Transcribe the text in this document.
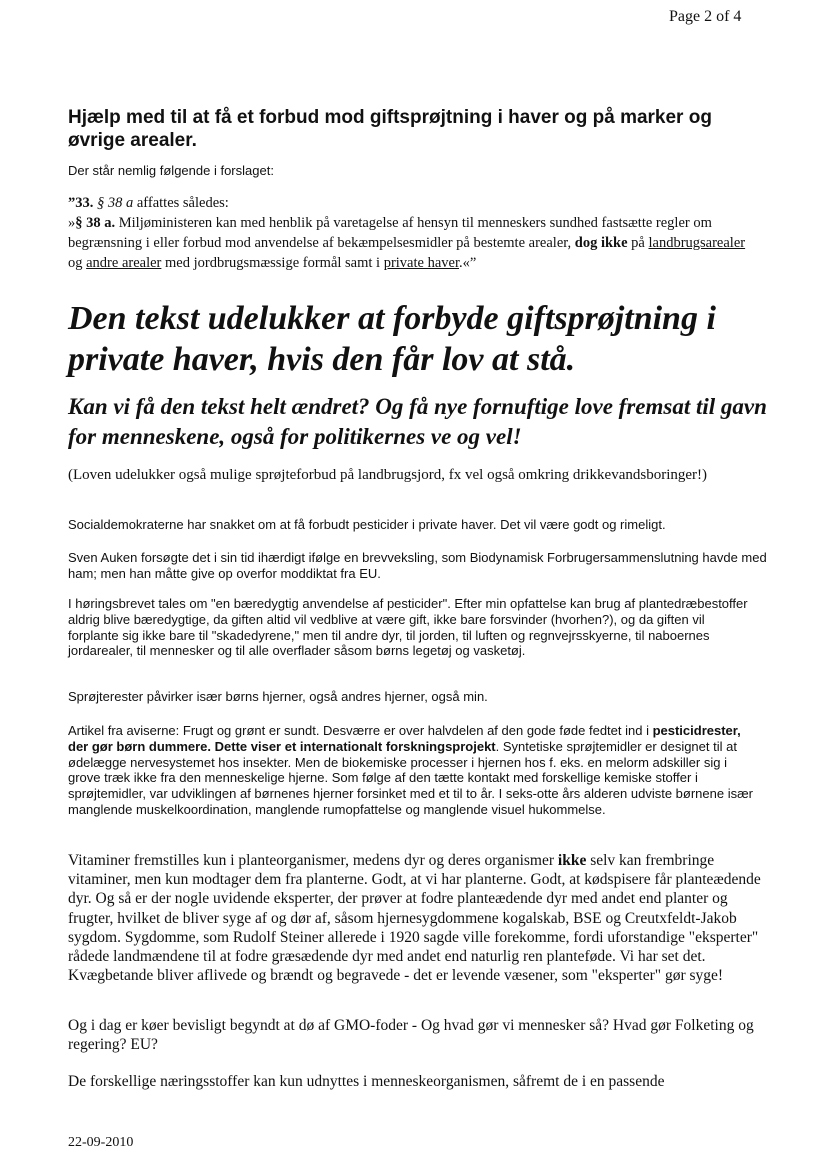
Page 2 of 4
Hjælp med til at få et forbud mod giftsprøjtning i haver og på marker og øvrige arealer.

Der står nemlig følgende i forslaget:

”33. § 38 a affattes således:
»§ 38 a. Miljøministeren kan med henblik på varetagelse af hensyn til menneskers sundhed fastsætte regler om begrænsning i eller forbud mod anvendelse af bekæmpelsesmidler på bestemte arealer, dog ikke på landbrugsarealer og andre arealer med jordbrugsmæssige formål samt i private haver.«”
Den tekst udelukker at forbyde giftsprøjtning i private haver, hvis den får lov at stå.
Kan vi få den tekst helt ændret? Og få nye fornuftige love fremsat til gavn for menneskene, også for politikernes ve og vel!

(Loven udelukker også mulige sprøjteforbud på landbrugsjord, fx vel også omkring drikkevandsboringer!)

Socialdemokraterne har snakket om at få forbudt pesticider i private haver. Det vil være godt og rimeligt.

Sven Auken forsøgte det i sin tid ihærdigt ifølge en brevveksling, som Biodynamisk Forbrugersammenslutning havde med ham; men han måtte give op overfor moddiktat fra EU.

I høringsbrevet tales om "en bæredygtig anvendelse af pesticider". Efter min opfattelse kan brug af plantedræbestoffer aldrig blive bæredygtige, da giften altid vil vedblive at være gift, ikke bare forsvinder (hvorhen?), og da giften vil forplante sig ikke bare til "skadedyrene," men til andre dyr, til jorden, til luften og regnvejrsskyerne, til naboernes jordarealer, til mennesker og til alle overflader såsom børns legetøj og vasketøj.

Sprøjterester påvirker især børns hjerner, også andres hjerner, også min.

Artikel fra aviserne: Frugt og grønt er sundt. Desværre er over halvdelen af den gode føde fedtet ind i pesticidrester, der gør børn dummere. Dette viser et internationalt forskningsprojekt. Syntetiske sprøjtemidler er designet til at ødelægge nervesystemet hos insekter. Men de biokemiske processer i hjernen hos f. eks. en melorm adskiller sig i grove træk ikke fra den menneskelige hjerne. Som følge af den tætte kontakt med forskellige kemiske stoffer i sprøjtemidler, var udviklingen af børnenes hjerner forsinket med et til to år. I seks-otte års alderen udviste børnene især manglende muskelkoordination, manglende rumopfattelse og manglende visuel hukommelse.

Vitaminer fremstilles kun i planteorganismer, medens dyr og deres organismer ikke selv kan frembringe vitaminer, men kun modtager dem fra planterne. Godt, at vi har planterne. Godt, at kødspisere får planteædende dyr. Og så er der nogle uvidende eksperter, der prøver at fodre planteædende dyr med andet end planter og frugter, hvilket de bliver syge af og dør af, såsom hjernesygdommene kogalskab, BSE og Creutxfeldt-Jakob sygdom. Sygdomme, som Rudolf Steiner allerede i 1920 sagde ville forekomme, fordi uforstandige "eksperter" rådede landmændene til at fodre græsædende dyr med andet end naturlig ren planteføde. Vi har set det. Kvægbetande bliver aflivede og brændt og begravede - det er levende væsener, som "eksperter" gør syge!

Og i dag er køer bevisligt begyndt at dø af GMO-foder - Og hvad gør vi mennesker så? Hvad gør Folketing og regering? EU?

De forskellige næringsstoffer kan kun udnyttes i menneskeorganismen, såfremt de i en passende

22-09-2010
